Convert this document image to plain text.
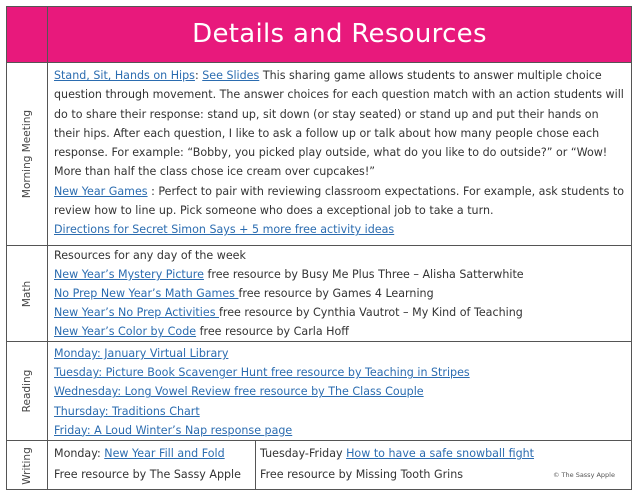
Details and Resources
Morning Meeting

Stand, Sit, Hands on Hips: See Slides This sharing game allows students to answer multiple choice question through movement. The answer choices for each question match with an action students will do to share their response: stand up, sit down (or stay seated) or stand up and put their hands on their hips. After each question, I like to ask a follow up or talk about how many people chose each response. For example: “Bobby, you picked play outside, what do you like to do outside?” or “Wow! More than half the class chose ice cream over cupcakes!”

New Year Games : Perfect to pair with reviewing classroom expectations. For example, ask students to review how to line up. Pick someone who does a exceptional job to take a turn.

Directions for Secret Simon Says + 5 more free activity ideas

Math

Resources for any day of the week

New Year’s Mystery Picture free resource by Busy Me Plus Three – Alisha Satterwhite

No Prep New Year’s Math Games free resource by Games 4 Learning

New Year’s No Prep Activities free resource by Cynthia Vautrot – My Kind of Teaching

New Year’s Color by Code free resource by Carla Hoff

Reading

Monday: January Virtual Library

Tuesday: Picture Book Scavenger Hunt free resource by Teaching in Stripes

Wednesday: Long Vowel Review free resource by The Class Couple

Thursday: Traditions Chart

Friday: A Loud Winter’s Nap response page

Writing Monday: New Year Fill and Fold

Free resource by The Sassy Apple

Tuesday-Friday How to have a safe snowball fight

Free resource by Missing Tooth Grins	© The Sassy Apple
